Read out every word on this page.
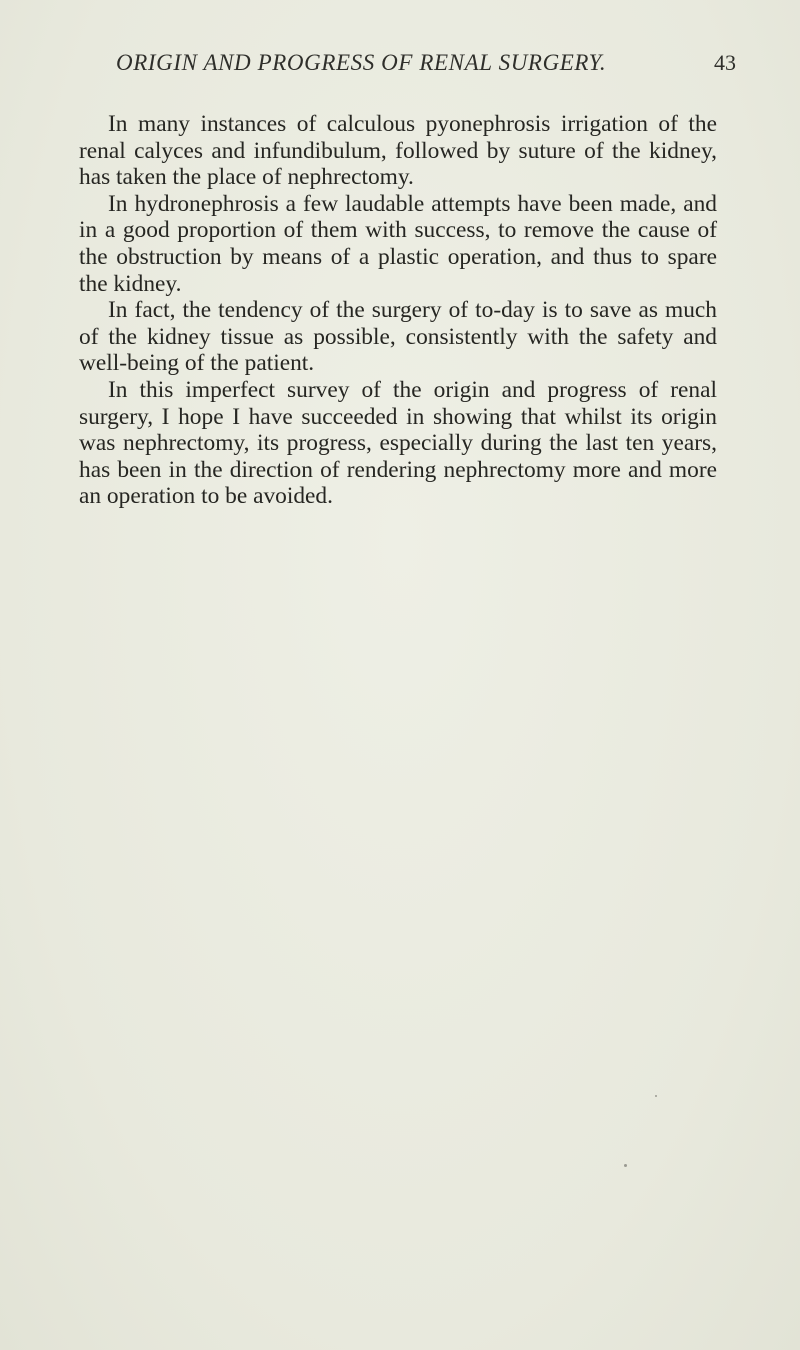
ORIGIN AND PROGRESS OF RENAL SURGERY.	43

In many instances of calculous pyonephrosis irrigation of the renal calyces and infundibulum, followed by suture of the kidney, has taken the place of nephrectomy.

In hydronephrosis a few laudable attempts have been made, and in a good proportion of them with success, to remove the cause of the obstruction by means of a plastic operation, and thus to spare the kidney.

In fact, the tendency of the surgery of to-day is to save as much of the kidney tissue as possible, consistently with the safety and well-being of the patient.

In this imperfect survey of the origin and progress of renal surgery, I hope I have succeeded in showing that whilst its origin was nephrectomy, its progress, especially during the last ten years, has been in the direction of rendering nephrectomy more and more an operation to be avoided.
